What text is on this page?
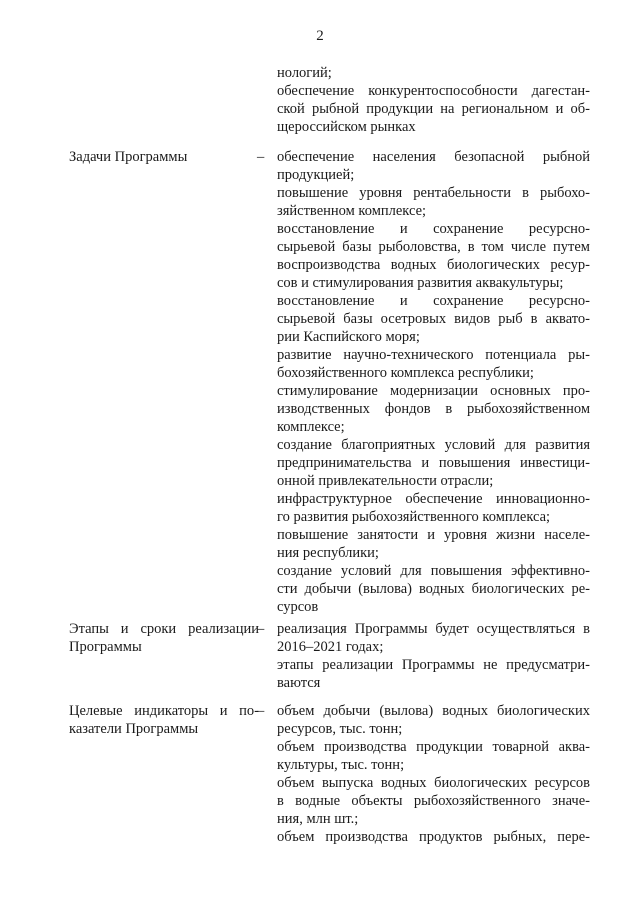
2
нологий;
обеспечение конкурентоспособности дагестан-
ской рыбной продукции на региональном и об-
щероссийском рынках
Задачи Программы	– обеспечение населения безопасной рыбной
продукцией;
повышение уровня рентабельности в рыбохо-
зяйственном комплексе;
восстановление и сохранение ресурсно-
сырьевой базы рыболовства, в том числе путем
воспроизводства водных биологических ресур-
сов и стимулирования развития аквакультуры;
восстановление и сохранение ресурсно-
сырьевой базы осетровых видов рыб в аквато-
рии Каспийского моря;
развитие научно-технического потенциала ры-
бохозяйственного комплекса республики;
стимулирование модернизации основных про-
изводственных фондов в рыбохозяйственном
комплексе;
создание благоприятных условий для развития
предпринимательства и повышения инвестици-
онной привлекательности отрасли;
инфраструктурное обеспечение инновационно-
го развития рыбохозяйственного комплекса;
повышение занятости и уровня жизни населе-
ния республики;
создание условий для повышения эффективно-
сти добычи (вылова) водных биологических ре-
сурсов
Этапы и сроки реализации
Программы
– реализация Программы будет осуществляться в
2016–2021 годах;
этапы реализации Программы не предусматри-
ваются
Целевые индикаторы и по-
казатели Программы
– объем добычи (вылова) водных биологических
ресурсов, тыс. тонн;
объем производства продукции товарной аква-
культуры, тыс. тонн;
объем выпуска водных биологических ресурсов
в водные объекты рыбохозяйственного значе-
ния, млн шт.;
объем производства продуктов рыбных, пере-
